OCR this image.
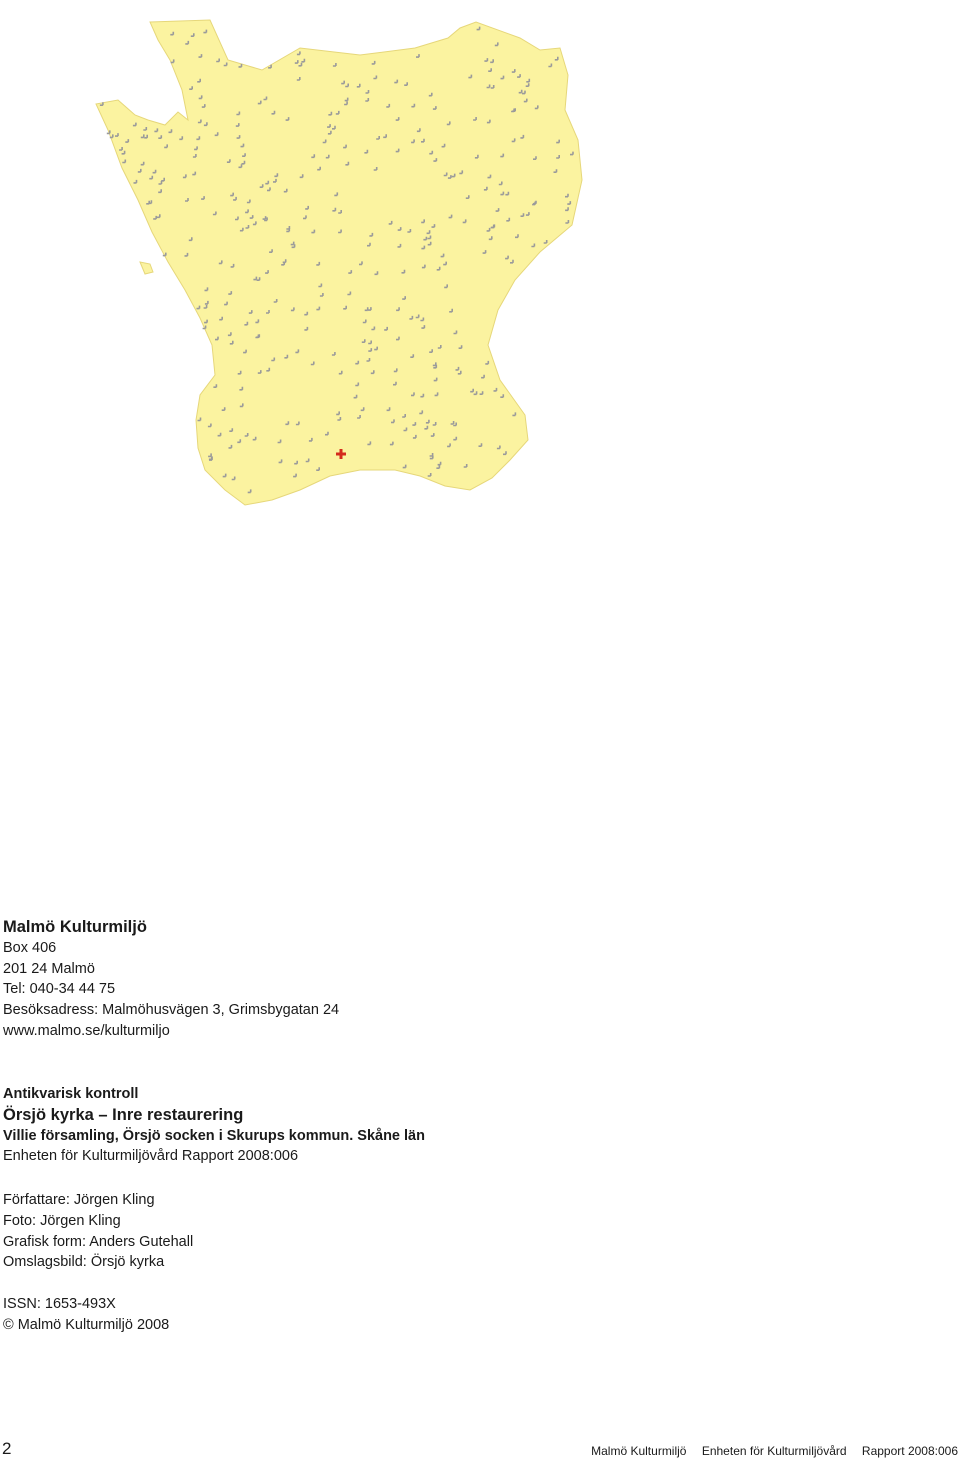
Malmö Kulturmiljö
Box 406
201 24 Malmö
Tel: 040-34 44 75
Besöksadress: Malmöhusvägen 3, Grimsbygatan 24
www.malmo.se/kulturmiljo
Antikvarisk kontroll
Örsjö kyrka – Inre restaurering
Villie församling, Örsjö socken i Skurups kommun. Skåne län
Enheten för Kulturmiljövård Rapport 2008:006
Författare: Jörgen Kling
Foto: Jörgen Kling
Grafisk form: Anders Gutehall
Omslagsbild: Örsjö kyrka
ISSN: 1653-493X
© Malmö Kulturmiljö 2008
2	Malmö Kulturmiljö Enheten för Kulturmiljövård Rapport 2008:006
